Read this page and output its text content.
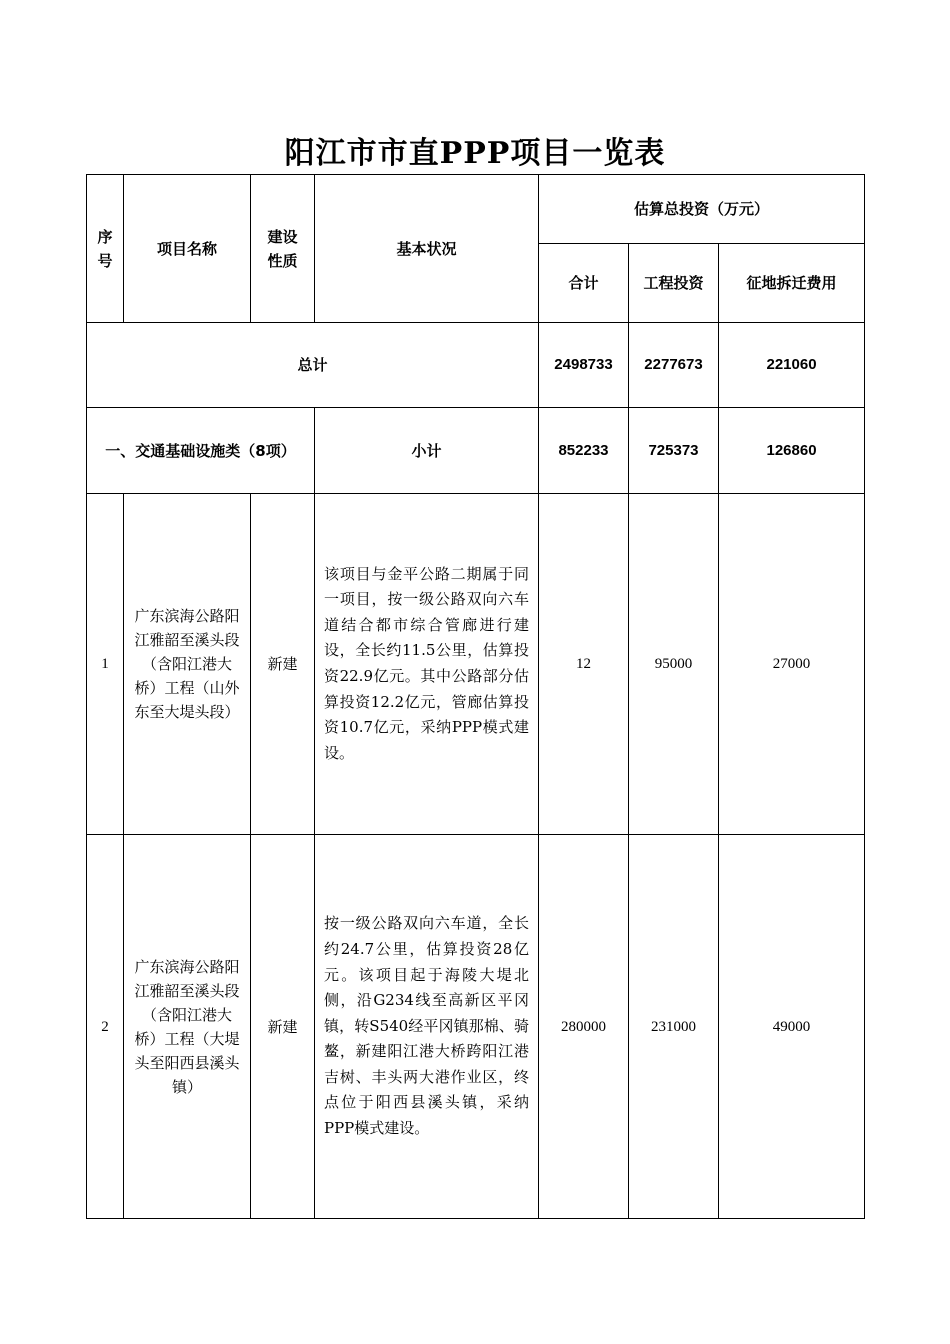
阳江市市直PPP项目一览表
序号	项目名称	建设性质	基本状况	估算总投资（万元）		
				合计	工程投资	征地拆迁费用
总计				2498733	2277673	221060
一、交通基础设施类（8项）			小计	852233	725373	126860
1	广东滨海公路阳江雅韶至溪头段（含阳江港大桥）工程（山外东至大堤头段）	新建	该项目与金平公路二期属于同一项目，按一级公路双向六车道结合都市综合管廊进行建设，全长约11.5公里，估算投资22.9亿元。其中公路部分估算投资12.2亿元，管廊估算投资10.7亿元，采纳PPP模式建设。	12	95000	27000
2	广东滨海公路阳江雅韶至溪头段（含阳江港大桥）工程（大堤头至阳西县溪头镇）	新建	按一级公路双向六车道，全长约24.7公里，估算投资28亿元。该项目起于海陵大堤北侧，沿G234线至高新区平冈镇，转S540经平冈镇那棉、骑鳌，新建阳江港大桥跨阳江港吉树、丰头两大港作业区，终点位于阳西县溪头镇，采纳PPP模式建设。	280000	231000	49000
